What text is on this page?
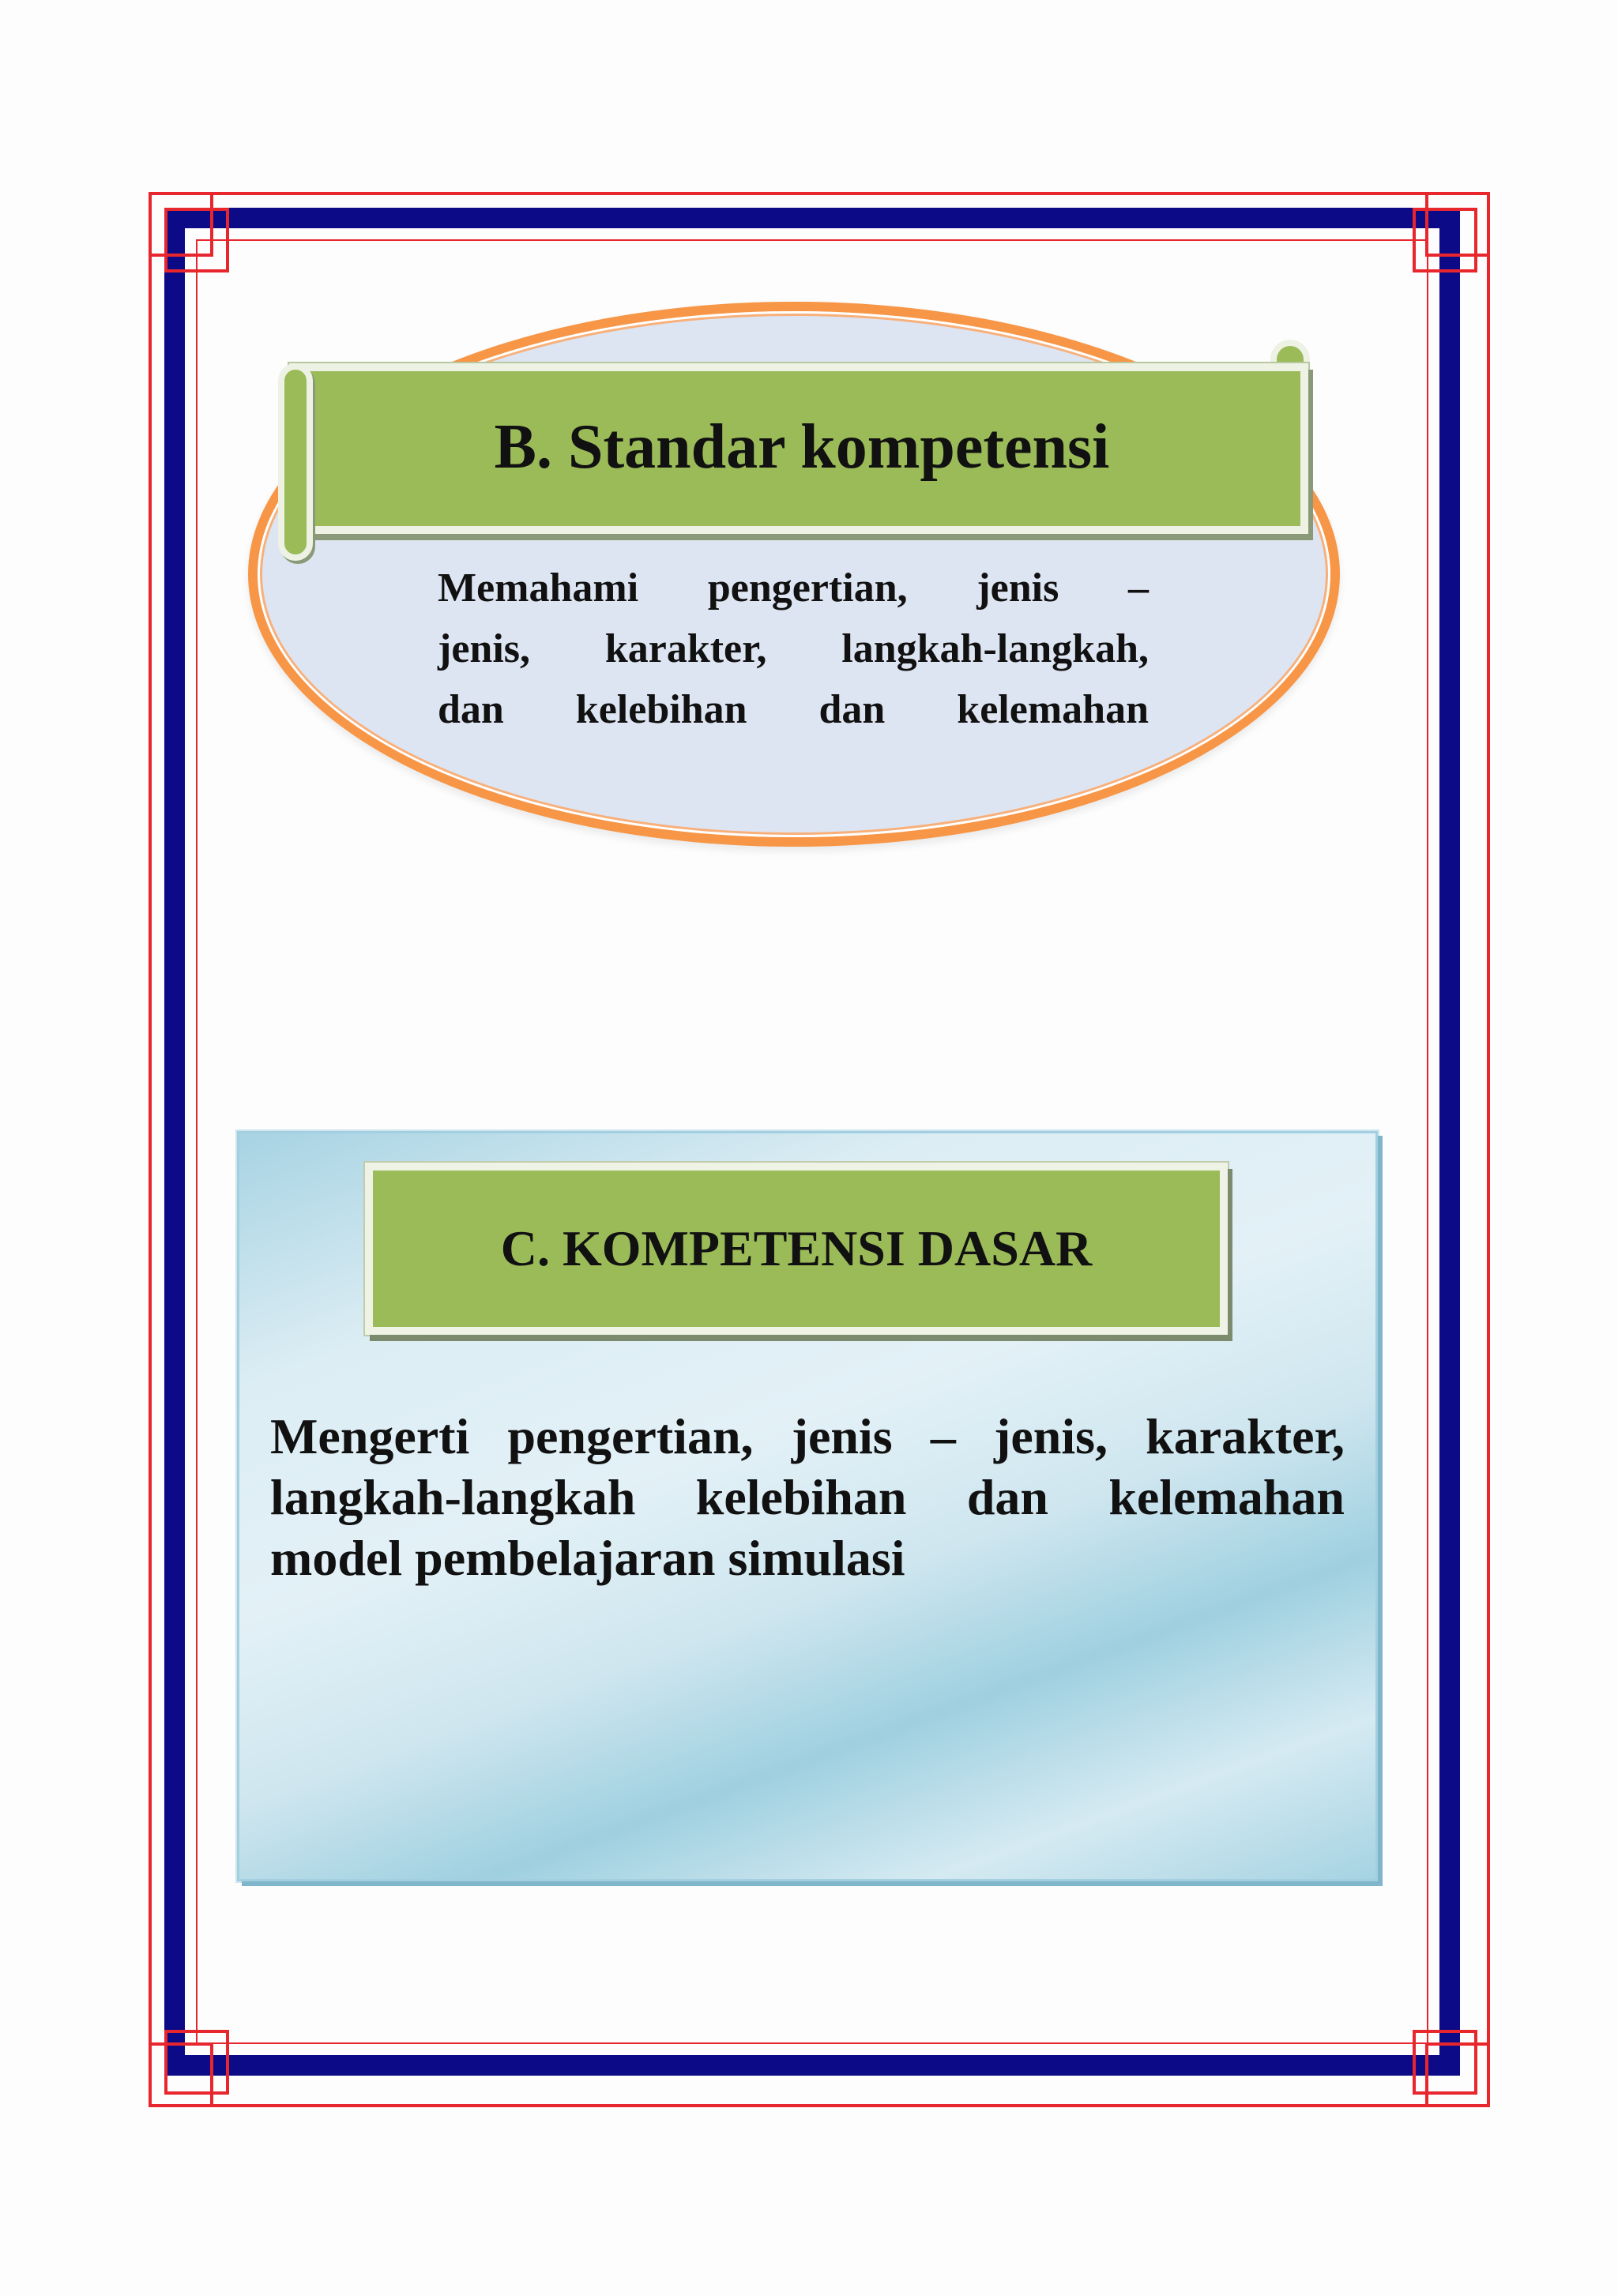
B. Standar kompetensi
Memahami pengertian, jenis –
jenis, karakter, langkah-langkah,
dan kelebihan dan kelemahan
C. KOMPETENSI DASAR
Mengerti pengertian, jenis – jenis, karakter, langkah-langkah kelebihan dan kelemahan model pembelajaran simulasi
